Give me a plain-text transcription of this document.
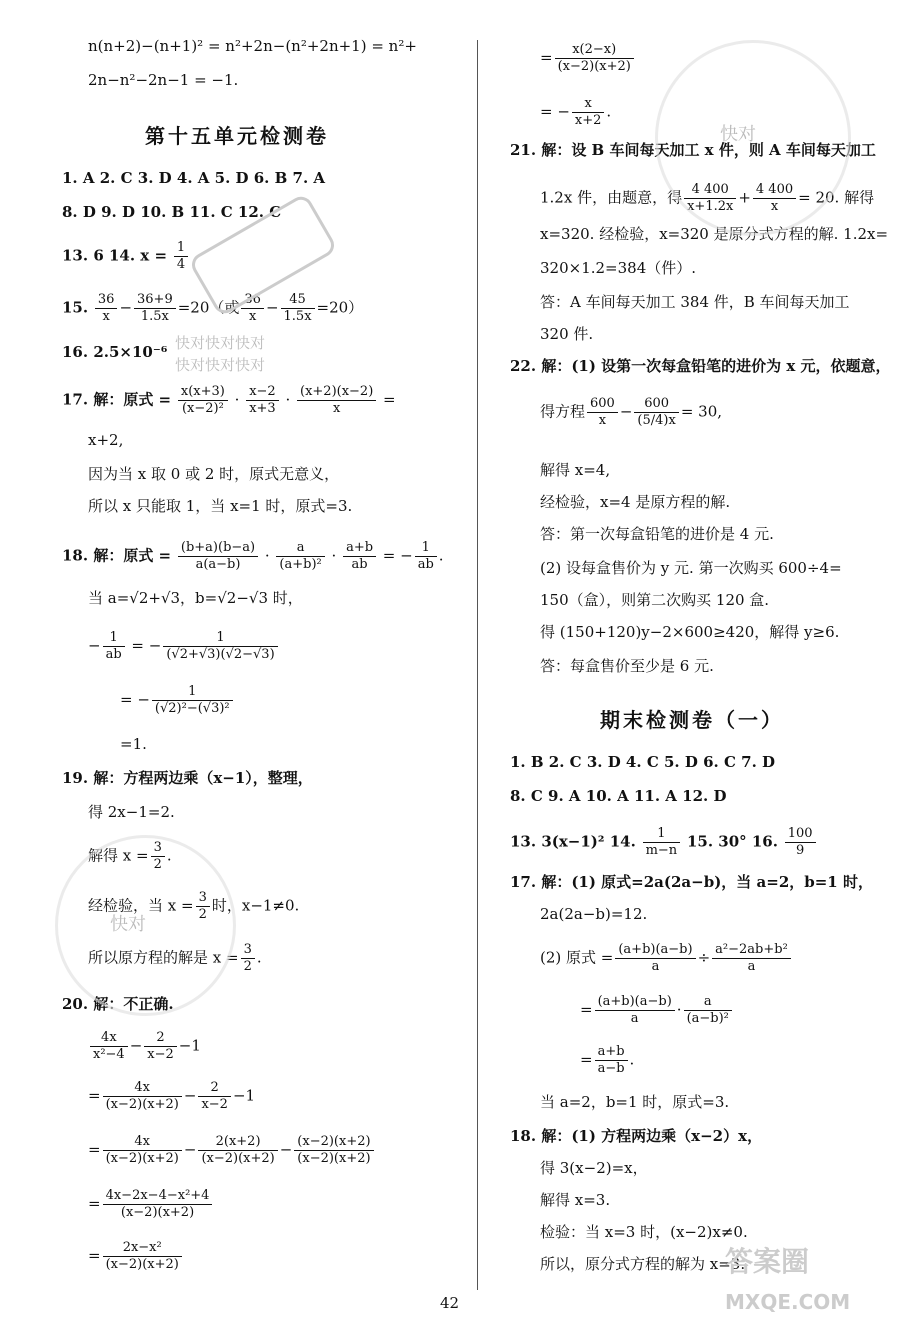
n(n+2)−(n+1)² = n²+2n−(n²+2n+1) = n²+
2n−n²−2n−1 = −1.
第十五单元检测卷
1. A 2. C 3. D 4. A 5. D 6. B 7. A
8. D 9. D 10. B 11. C 12. C
13. 6 14. $x = \frac{1}{4}$
15. $\frac{36}{x} - \frac{36+9}{1.5x} =20$（或 $\frac{36}{x} - \frac{45}{1.5x} =20$）
16. 2.5×10⁻⁶
17. 解：原式 = $\frac{x(x+3)}{\text{(x−2)²}} \cdot \frac{x-2}{x+3} \cdot \frac{(x+2)(x-2)}{x}$ =
x+2,
因为当 x 取 0 或 2 时，原式无意义，
所以 x 只能取 1，当 x=1 时，原式=3.
18. 解：原式 = $\frac{(b+a)(b-a)}{a(a-b)} \cdot \frac{a}{\text{(a+b)²}} \cdot \frac{a+b}{ab}$ = − $\frac{1}{ab}$ .
当 a=√2+√3，b=√2−√3 时，
− $\frac{1}{ab}$ = − $\frac{1}{(√2+√3)(√2-√3)}$
= − $\frac{1}{\text{(√2)²−(√3)²}}$
=1.
19. 解：方程两边乘（x−1），整理，
得 2x−1=2.
解得 $x = \frac{3}{2}$ .
经检验，当 $x = \frac{3}{2}$ 时，x−1≠0.
所以原方程的解是 $x = \frac{3}{2}$ .
20. 解：不正确.
$\frac{4x}{\text{x²−4}} - \frac{2}{x-2} -1$
= $\frac{4x}{(x-2)(x+2)} - \frac{2}{x-2} -1$
= $\frac{4x}{(x-2)(x+2)} - \frac{2(x+2)}{(x-2)(x+2)} - \frac{(x-2)(x+2)}{(x-2)(x+2)}$
= $\frac{\text{4x−2x−4−x²+4}}{(x-2)(x+2)}$
= $\frac{\text{2x−x²}}{(x-2)(x+2)}$
= $\frac{x(2-x)}{(x-2)(x+2)}$
= − $\frac{x}{x+2}$ .
21. 解：设 B 车间每天加工 x 件，则 A 车间每天加工
1.2x 件，由题意，得 $\frac{4 400}{x+1.2x} + \frac{4 400}{x} = 20$. 解得
x=320. 经检验，x=320 是原分式方程的解. 1.2x=
320×1.2=384（件）.
答：A 车间每天加工 384 件，B 车间每天加工
320 件.
22. 解：(1) 设第一次每盒铅笔的进价为 x 元，依题意，
得方程 $\frac{600}{x} - \frac{600}{(5/4)x} = 30$,
解得 x=4,
经检验，x=4 是原方程的解.
答：第一次每盒铅笔的进价是 4 元.
(2) 设每盒售价为 y 元. 第一次购买 600÷4=
150（盒），则第二次购买 120 盒.
得 (150+120)y−2×600≥420，解得 y≥6.
答：每盒售价至少是 6 元.
期末检测卷（一）
1. B 2. C 3. D 4. C 5. D 6. C 7. D
8. C 9. A 10. A 11. A 12. D
13. 3(x−1)² 14. $\frac{1}{m-n} 15$. 30° 16. $\frac{100}{9}$
17. 解：(1) 原式=2a(2a−b)，当 a=2，b=1 时，
2a(2a−b)=12.
(2) 原式 = $\frac{(a+b)(a-b)}{a} \div \frac{\text{a²−2ab+b²}}{a}$
= $\frac{(a+b)(a-b)}{a} \cdot \frac{a}{\text{(a−b)²}}$
= $\frac{a+b}{a-b}$ .
当 a=2，b=1 时，原式=3.
18. 解：(1) 方程两边乘（x−2）x，
得 3(x−2)=x，
解得 x=3.
检验：当 x=3 时，(x−2)x≠0.
所以，原分式方程的解为 x=3.
快对快对快对
快对快对快对
快对
快对
答案圈
MXQE.COM
42
